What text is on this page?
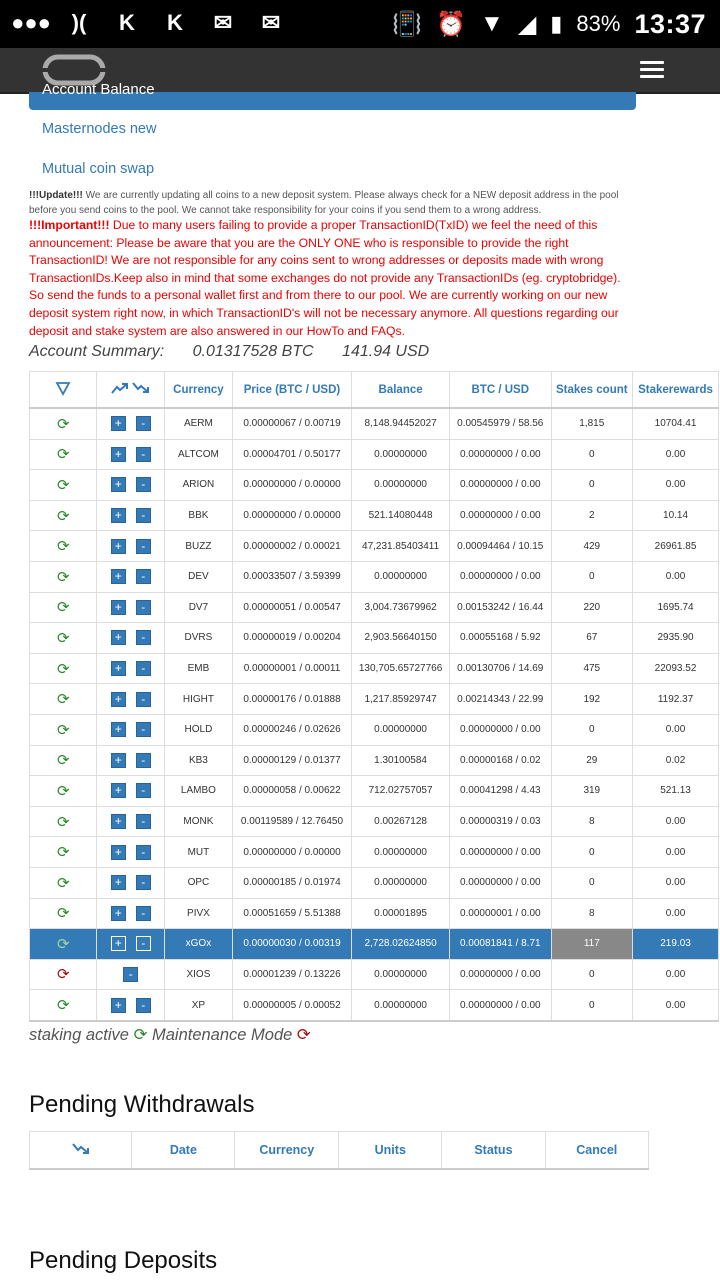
●●● )(	K	K	✉	✉	📳 ⏰ ▼ ◢ ▮ 83% 13:37
Account Balance
Masternodes new
Mutual coin swap
!!!Update!!! We are currently updating all coins to a new deposit system. Please always check for a NEW deposit address in the pool before you send coins to the pool. We cannot take responsibility for your coins if you send them to a wrong address.
!!!Important!!! Due to many users failing to provide a proper TransactionID(TxID) we feel the need of this announcement: Please be aware that you are the ONLY ONE who is responsible to provide the right TransactionID! We are not responsible for any coins sent to wrong addresses or deposits made with wrong TransactionIDs.Keep also in mind that some exchanges do not provide any TransactionIDs (eg. cryptobridge). So send the funds to a personal wallet first and from there to our pool. We are currently working on our new deposit system right now, in which TransactionID's will not be necessary anymore. All questions regarding our deposit and stake system are also answered in our HowTo and FAQs.
Account Summary: 0.01317528 BTC 141.94 USD
		Currency	Price (BTC / USD)	Balance	BTC / USD	Stakes count	Stakerewards
⟳	+ -	AERM	0.00000067 / 0.00719	8,148.94452027	0.00545979 / 58.56	1,815	10704.41
⟳	+ -	ALTCOM	0.00004701 / 0.50177	0.00000000	0.00000000 / 0.00	0	0.00
⟳	+ -	ARION	0.00000000 / 0.00000	0.00000000	0.00000000 / 0.00	0	0.00
⟳	+ -	BBK	0.00000000 / 0.00000	521.14080448	0.00000000 / 0.00	2	10.14
⟳	+ -	BUZZ	0.00000002 / 0.00021	47,231.85403411	0.00094464 / 10.15	429	26961.85
⟳	+ -	DEV	0.00033507 / 3.59399	0.00000000	0.00000000 / 0.00	0	0.00
⟳	+ -	DV7	0.00000051 / 0.00547	3,004.73679962	0.00153242 / 16.44	220	1695.74
⟳	+ -	DVRS	0.00000019 / 0.00204	2,903.56640150	0.00055168 / 5.92	67	2935.90
⟳	+ -	EMB	0.00000001 / 0.00011	130,705.65727766	0.00130706 / 14.69	475	22093.52
⟳	+ -	HIGHT	0.00000176 / 0.01888	1,217.85929747	0.00214343 / 22.99	192	1192.37
⟳	+ -	HOLD	0.00000246 / 0.02626	0.00000000	0.00000000 / 0.00	0	0.00
⟳	+ -	KB3	0.00000129 / 0.01377	1.30100584	0.00000168 / 0.02	29	0.02
⟳	+ -	LAMBO	0.00000058 / 0.00622	712.02757057	0.00041298 / 4.43	319	521.13
⟳	+ -	MONK	0.00119589 / 12.76450	0.00267128	0.00000319 / 0.03	8	0.00
⟳	+ -	MUT	0.00000000 / 0.00000	0.00000000	0.00000000 / 0.00	0	0.00
⟳	+ -	OPC	0.00000185 / 0.01974	0.00000000	0.00000000 / 0.00	0	0.00
⟳	+ -	PIVX	0.00051659 / 5.51388	0.00001895	0.00000001 / 0.00	8	0.00
⟳	+ -	xGOx	0.00000030 / 0.00319	2,728.02624850	0.00081841 / 8.71	117	219.03
⟳	-	XIOS	0.00001239 / 0.13226	0.00000000	0.00000000 / 0.00	0	0.00
⟳	+ -	XP	0.00000005 / 0.00052	0.00000000	0.00000000 / 0.00	0	0.00
staking active ⟳ Maintenance Mode ⟳
Pending Withdrawals
	Date	Currency	Units	Status	Cancel
Pending Deposits
